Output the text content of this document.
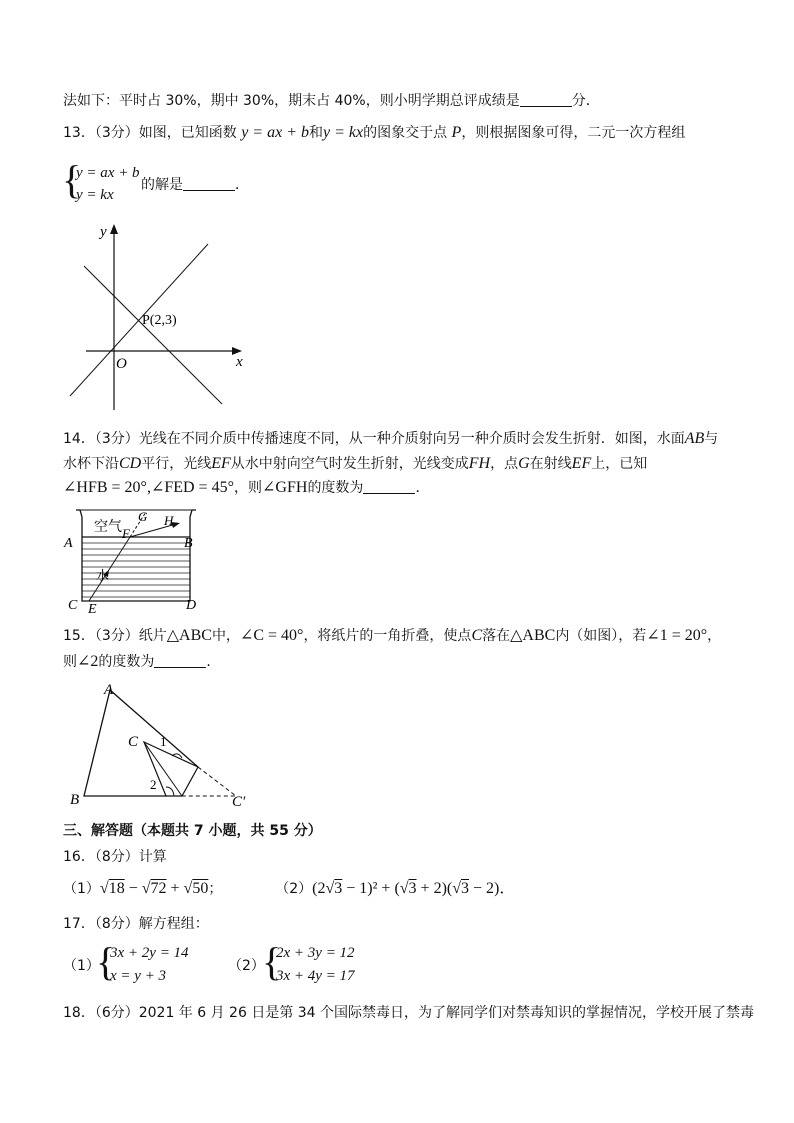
法如下：平时占 30%，期中 30%，期末占 40%，则小明学期总评成绩是	分．
13．（3分）如图，已知函数 y = ax + b和y = kx的图象交于点 P，则根据图象可得，二元一次方程组
{
y = ax + b
y = kx
的解是	．
y
x
O
P(2,3)
14．（3分）光线在不同介质中传播速度不同，从一种介质射向另一种介质时会发生折射．如图，水面AB与
水杯下沿CD平行，光线EF从水中射向空气时发生折射，光线变成FH，点G在射线EF上，已知
∠HFB = 20°,∠FED = 45°，则∠GFH的度数为	．
空气
水
A	B
C	D
E
F
G H
15．（3分）纸片△ABC中，∠C = 40°，将纸片的一角折叠，使点C落在△ABC内（如图），若∠1 = 20°，
则∠2的度数为	．
A
B
C
C′
1
2
三、解答题（本题共 7 小题，共 55 分）
16．（8分）计算
（1）√18 − √72 + √50；	（2）(2√3 − 1)² + (√3 + 2)(√3 − 2)．
17．（8分）解方程组：
（1）
{
3x + 2y = 14
x = y + 3
（2）
{
2x + 3y = 12
3x + 4y = 17
18．（6分）2021 年 6 月 26 日是第 34 个国际禁毒日，为了解同学们对禁毒知识的掌握情况，学校开展了禁毒
